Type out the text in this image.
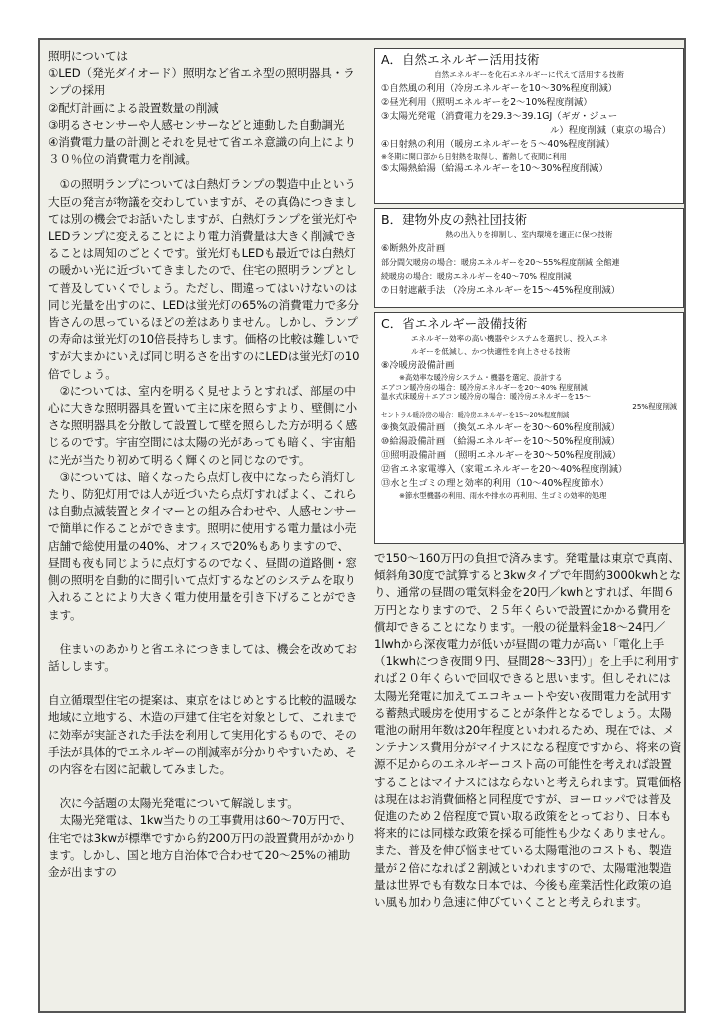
照明については

①LED（発光ダイオード）照明など省エネ型の照明器具・ランプの採用

②配灯計画による設置数量の削減

③明るさセンサーや人感センサーなどと連動した自動調光

④消費電力量の計測とそれを見せて省エネ意識の向上により３０％位の消費電力を削減。

①の照明ランプについては白熱灯ランプの製造中止という大臣の発言が物議を交わしていますが、その真偽につきましては別の機会でお話いたしますが、白熱灯ランプを蛍光灯やLEDランプに変えることにより電力消費量は大きく削減できることは周知のごとくです。蛍光灯もLEDも最近では白熱灯の暖かい光に近づいてきましたので、住宅の照明ランプとして普及していくでしょう。ただし、間違ってはいけないのは同じ光量を出すのに、LEDは蛍光灯の65%の消費電力で多分皆さんの思っているほどの差はありません。しかし、ランプの寿命は蛍光灯の10倍長持ちします。価格の比較は難しいですが大まかにいえば同じ明るさを出すのにLEDは蛍光灯の10倍でしょう。

②については、室内を明るく見せようとすれば、部屋の中心に大きな照明器具を置いて主に床を照らすより、壁側に小さな照明器具を分散して設置して壁を照らした方が明るく感じるのです。宇宙空間には太陽の光があっても暗く、宇宙船に光が当たり初めて明るく輝くのと同じなのです。

③については、暗くなったら点灯し夜中になったら消灯したり、防犯灯用では人が近づいたら点灯すればよく、これらは自動点滅装置とタイマーとの組み合わせや、人感センサーで簡単に作ることができます。照明に使用する電力量は小売店舗で総使用量の40%、オフィスで20%もありますので、昼間も夜も同じように点灯するのでなく、昼間の道路側・窓側の照明を自動的に間引いて点灯するなどのシステムを取り入れることにより大きく電力使用量を引き下げることができます。

住まいのあかりと省エネにつきましては、機会を改めてお話しします。

自立循環型住宅の提案は、東京をはじめとする比較的温暖な地域に立地する、木造の戸建て住宅を対象として、これまでに効率が実証された手法を利用して実用化するもので、その手法が具体的でエネルギーの削減率が分かりやすいため、その内容を右図に記載してみました。

次に今話題の太陽光発電について解説します。

太陽光発電は、1kw当たりの工事費用は60～70万円で、住宅では3kwが標準ですから約200万円の設置費用がかかります。しかし、国と地方自治体で合わせて20～25%の補助金が出ますの

A．自然エネルギー活用技術

自然エネルギーを化石エネルギーに代えて活用する技術

①自然風の利用（冷房エネルギーを10～30%程度削減）

②昼光利用（照明エネルギーを2～10%程度削減）

③太陽光発電（消費電力を29.3～39.1GJ（ギガ・ジュー

ル）程度削減（東京の場合）

④日射熱の利用（暖房エネルギーを５～40%程度削減）

※冬期に開口部から日射熱を取得し、蓄熱して夜間に利用

⑤太陽熱給湯（給湯エネルギーを10～30%程度削減）

B．建物外皮の熱社団技術

熱の出入りを抑制し、室内環境を適正に保つ技術

⑥断熱外皮計画

部分間欠暖房の場合：暖房エネルギーを20～55%程度削減 全館連

続暖房の場合：暖房エネルギーを40～70% 程度削減

⑦日射遮蔽手法 （冷房エネルギーを15～45%程度削減）

C．省エネルギー設備技術

エネルギー効率の高い機器やシステムを選択し、投入エネ

ルギーを低減し、かつ快適性を向上させる技術

⑧冷暖房設備計画

※高効率な暖冷房システム・機器を選定、設計する

エアコン暖冷房の場合：暖冷房エネルギーを20～40% 程度削減

温水式床暖房＋エアコン暖冷房の場合：暖冷房エネルギーを15～

25%程度削減

セントラル暖冷房の場合：暖冷房エネルギーを15～20%程度削減

⑨換気設備計画 （換気エネルギーを30～60%程度削減）

⑩給湯設備計画 （給湯エネルギーを10～50%程度削減）

⑪照明設備計画 （照明エネルギーを30～50%程度削減）

⑫省エネ家電導入（家電エネルギーを20～40%程度削減）

⑬水と生ゴミの理と効率的利用（10～40%程度節水）

※節水型機器の利用、雨水や排水の再利用、生ゴミの効率的処理

で150～160万円の負担で済みます。発電量は東京で真南、傾斜角30度で試算すると3kwタイプで年間約3000kwhとなり、通常の昼間の電気料金を20円／kwhとすれば、年間６万円となりますので、２５年くらいで設置にかかる費用を償却できることになります。一般の従量料金18～24円／1lwhから深夜電力が低いが昼間の電力が高い「電化上手（1kwhにつき夜間９円、昼間28～33円）」を上手に利用すれば２０年くらいで回収できると思います。但しそれには太陽光発電に加えてエコキュートや安い夜間電力を試用する蓄熱式暖房を使用することが条件となるでしょう。太陽電池の耐用年数は20年程度といわれるため、現在では、メンテナンス費用分がマイナスになる程度ですから、将来の資源不足からのエネルギーコスト高の可能性を考えれば設置することはマイナスにはならないと考えられます。買電価格は現在はお消費価格と同程度ですが、ヨーロッパでは普及促進のため２倍程度で買い取る政策をとっており、日本も将来的には同様な政策を採る可能性も少なくありません。また、普及を伸び悩ませている太陽電池のコストも、製造量が２倍になれば２割減といわれますので、太陽電池製造量は世界でも有数な日本では、今後も産業活性化政策の追い風も加わり急速に伸びていくことと考えられます。
